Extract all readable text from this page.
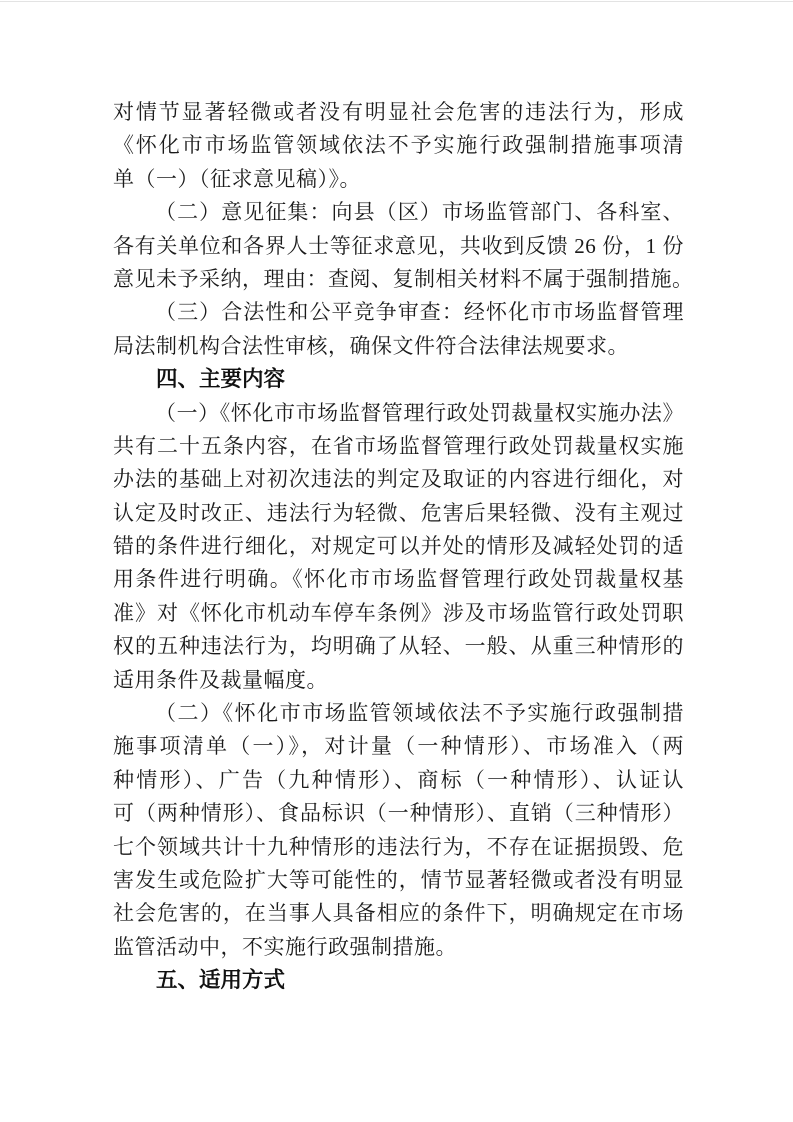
对情节显著轻微或者没有明显社会危害的违法行为，形成
《怀化市市场监管领域依法不予实施行政强制措施事项清
单（一）（征求意见稿）》。
（二）意见征集：向县（区）市场监管部门、各科室、
各有关单位和各界人士等征求意见，共收到反馈 26 份，1 份
意见未予采纳，理由：查阅、复制相关材料不属于强制措施。
（三）合法性和公平竞争审查：经怀化市市场监督管理
局法制机构合法性审核，确保文件符合法律法规要求。
四、主要内容
（一）《怀化市市场监督管理行政处罚裁量权实施办法》
共有二十五条内容，在省市场监督管理行政处罚裁量权实施
办法的基础上对初次违法的判定及取证的内容进行细化，对
认定及时改正、违法行为轻微、危害后果轻微、没有主观过
错的条件进行细化，对规定可以并处的情形及减轻处罚的适
用条件进行明确。《怀化市市场监督管理行政处罚裁量权基
准》对《怀化市机动车停车条例》涉及市场监管行政处罚职
权的五种违法行为，均明确了从轻、一般、从重三种情形的
适用条件及裁量幅度。
（二）《怀化市市场监管领域依法不予实施行政强制措
施事项清单（一）》，对计量（一种情形）、市场准入（两
种情形）、广告（九种情形）、商标（一种情形）、认证认
可（两种情形）、食品标识（一种情形）、直销（三种情形）
七个领域共计十九种情形的违法行为，不存在证据损毁、危
害发生或危险扩大等可能性的，情节显著轻微或者没有明显
社会危害的，在当事人具备相应的条件下，明确规定在市场
监管活动中，不实施行政强制措施。
五、适用方式
